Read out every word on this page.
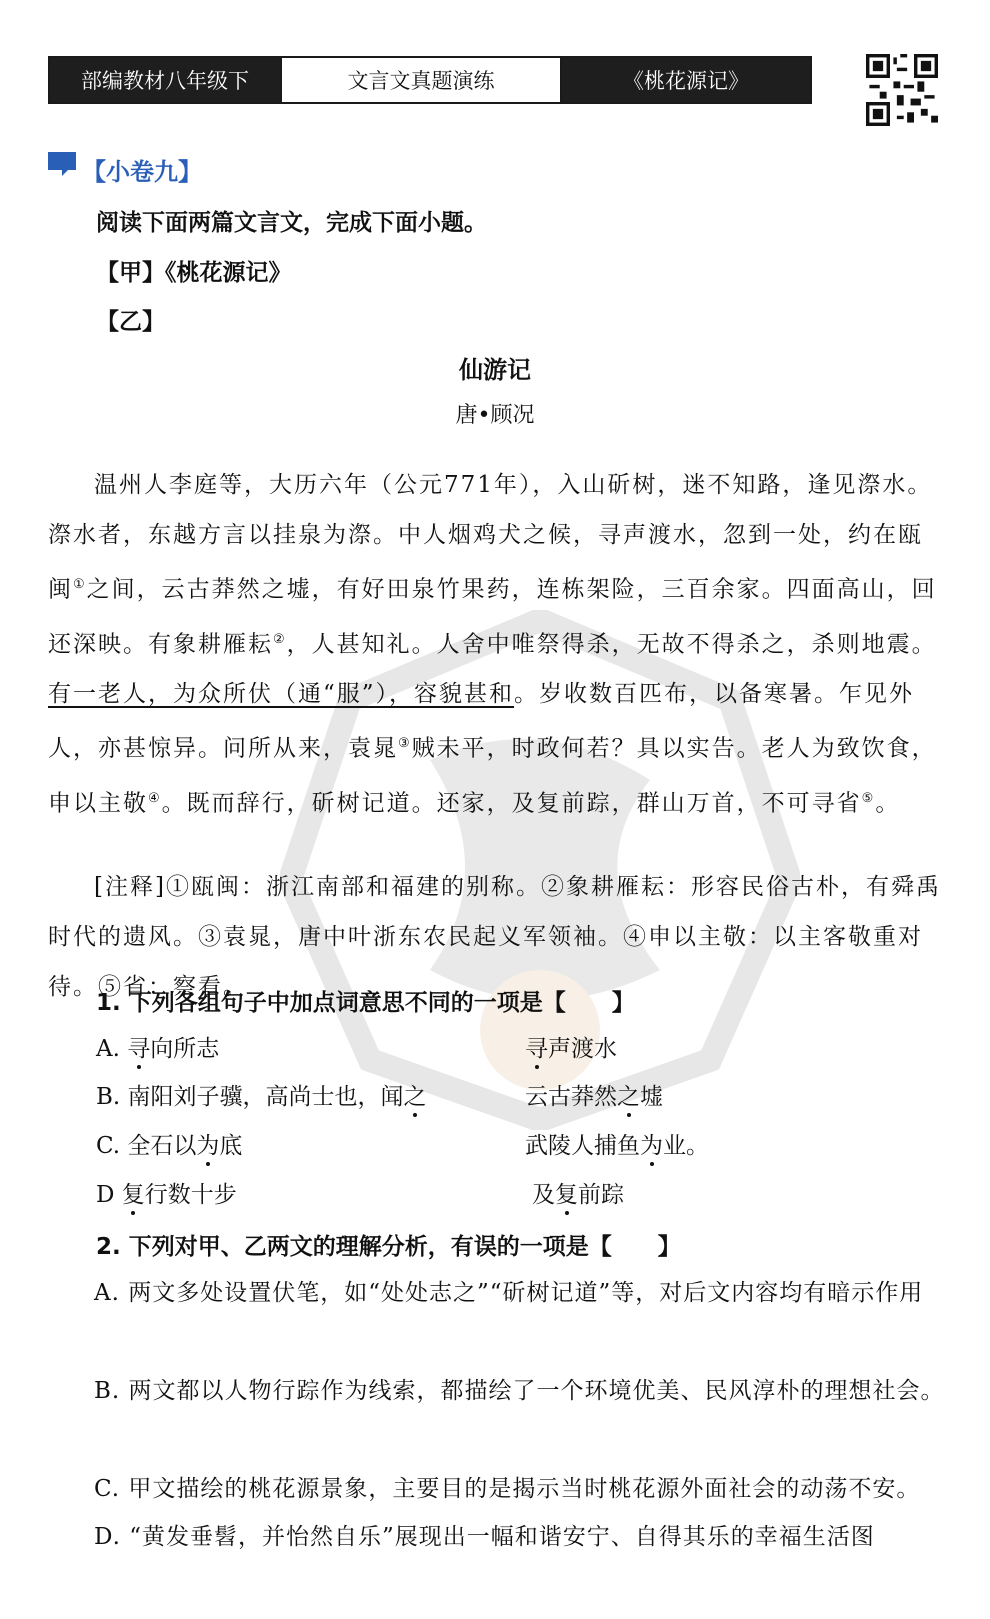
部编教材八年级下	文言文真题演练	《桃花源记》
【小卷九】
阅读下面两篇文言文，完成下面小题。
【甲】《桃花源记》
【乙】
仙游记
唐•顾况
温州人李庭等，大历六年（公元771年），入山斫树，迷不知路，逢见漈水。漈水者，东越方言以挂泉为漈。中人烟鸡犬之候，寻声渡水，忽到一处，约在瓯闽①之间，云古莽然之墟，有好田泉竹果药，连栋架险，三百余家。四面高山，回还深映。有象耕雁耘②，人甚知礼。人舍中唯祭得杀，无故不得杀之，杀则地震。有一老人，为众所伏（通“服”），容貌甚和。岁收数百匹布，以备寒暑。乍见外人，亦甚惊异。问所从来，袁晁③贼未平，时政何若？具以实告。老人为致饮食，申以主敬④。既而辞行，斫树记道。还家，及复前踪，群山万首，不可寻省⑤。
[注释]①瓯闽：浙江南部和福建的别称。②象耕雁耘：形容民俗古朴，有舜禹时代的遗风。③袁晁，唐中叶浙东农民起义军领袖。④申以主敬：以主客敬重对待。⑤省：察看。
1. 下列各组句子中加点词意思不同的一项是【　　】
A. 寻向所志	寻声渡水
B. 南阳刘子骥，高尚士也，闻之	云古莽然之墟
C. 全石以为底	武陵人捕鱼为业。
D 复行数十步	及复前踪
2. 下列对甲、乙两文的理解分析，有误的一项是【　　】
A. 两文多处设置伏笔，如“处处志之”“斫树记道”等，对后文内容均有暗示作用
B. 两文都以人物行踪作为线索，都描绘了一个环境优美、民风淳朴的理想社会。
C. 甲文描绘的桃花源景象，主要目的是揭示当时桃花源外面社会的动荡不安。
D. “黄发垂髫，并怡然自乐”展现出一幅和谐安宁、自得其乐的幸福生活图
